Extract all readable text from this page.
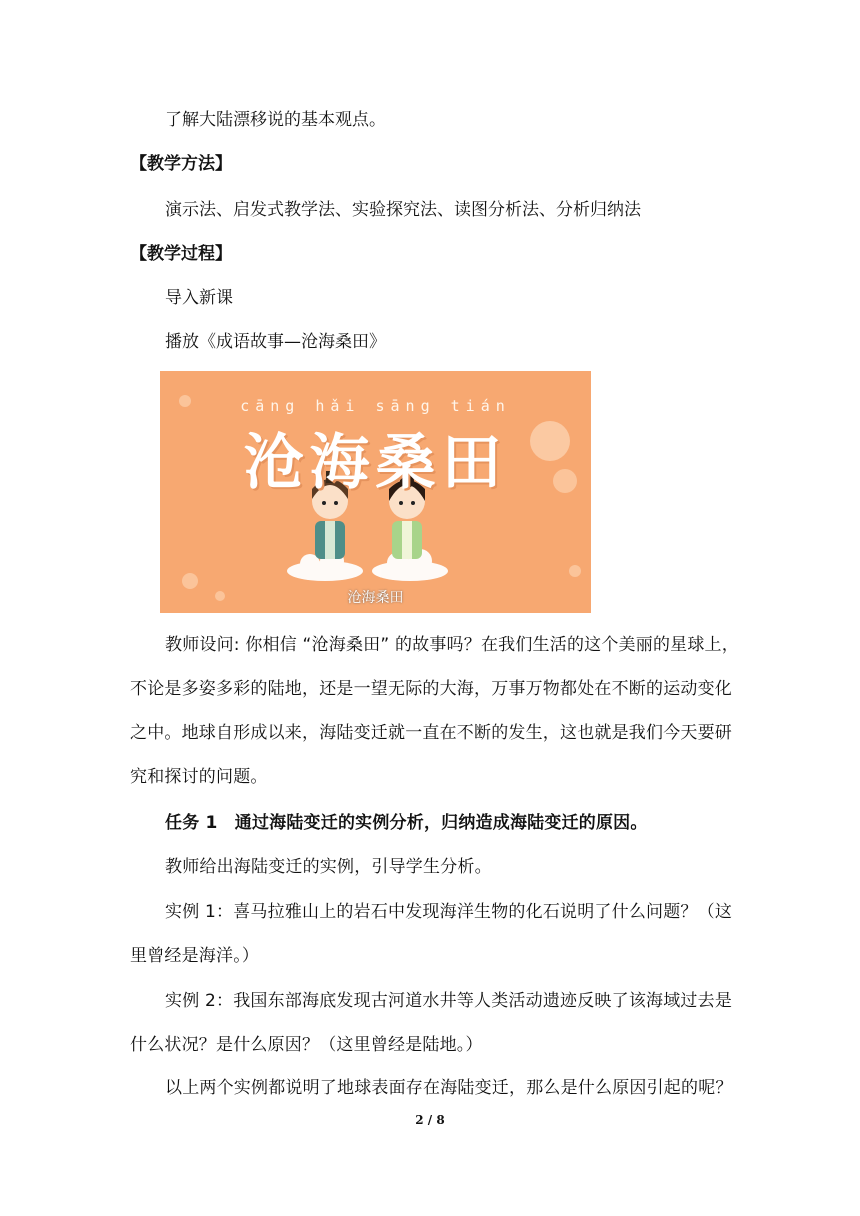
了解大陆漂移说的基本观点。
【教学方法】
演示法、启发式教学法、实验探究法、读图分析法、分析归纳法
【教学过程】
导入新课
播放《成语故事—沧海桑田》
cāng hǎi sāng tián
沧海桑田
沧海桑田
教师设问: 你相信 “沧海桑田” 的故事吗？在我们生活的这个美丽的星球上，不论是多姿多彩的陆地，还是一望无际的大海，万事万物都处在不断的运动变化之中。地球自形成以来，海陆变迁就一直在不断的发生，这也就是我们今天要研究和探讨的问题。
任务 1　通过海陆变迁的实例分析，归纳造成海陆变迁的原因。
教师给出海陆变迁的实例，引导学生分析。
实例 1：喜马拉雅山上的岩石中发现海洋生物的化石说明了什么问题？（这里曾经是海洋。）
实例 2：我国东部海底发现古河道水井等人类活动遗迹反映了该海域过去是什么状况？是什么原因？（这里曾经是陆地。）
以上两个实例都说明了地球表面存在海陆变迁，那么是什么原因引起的呢？
2 / 8
